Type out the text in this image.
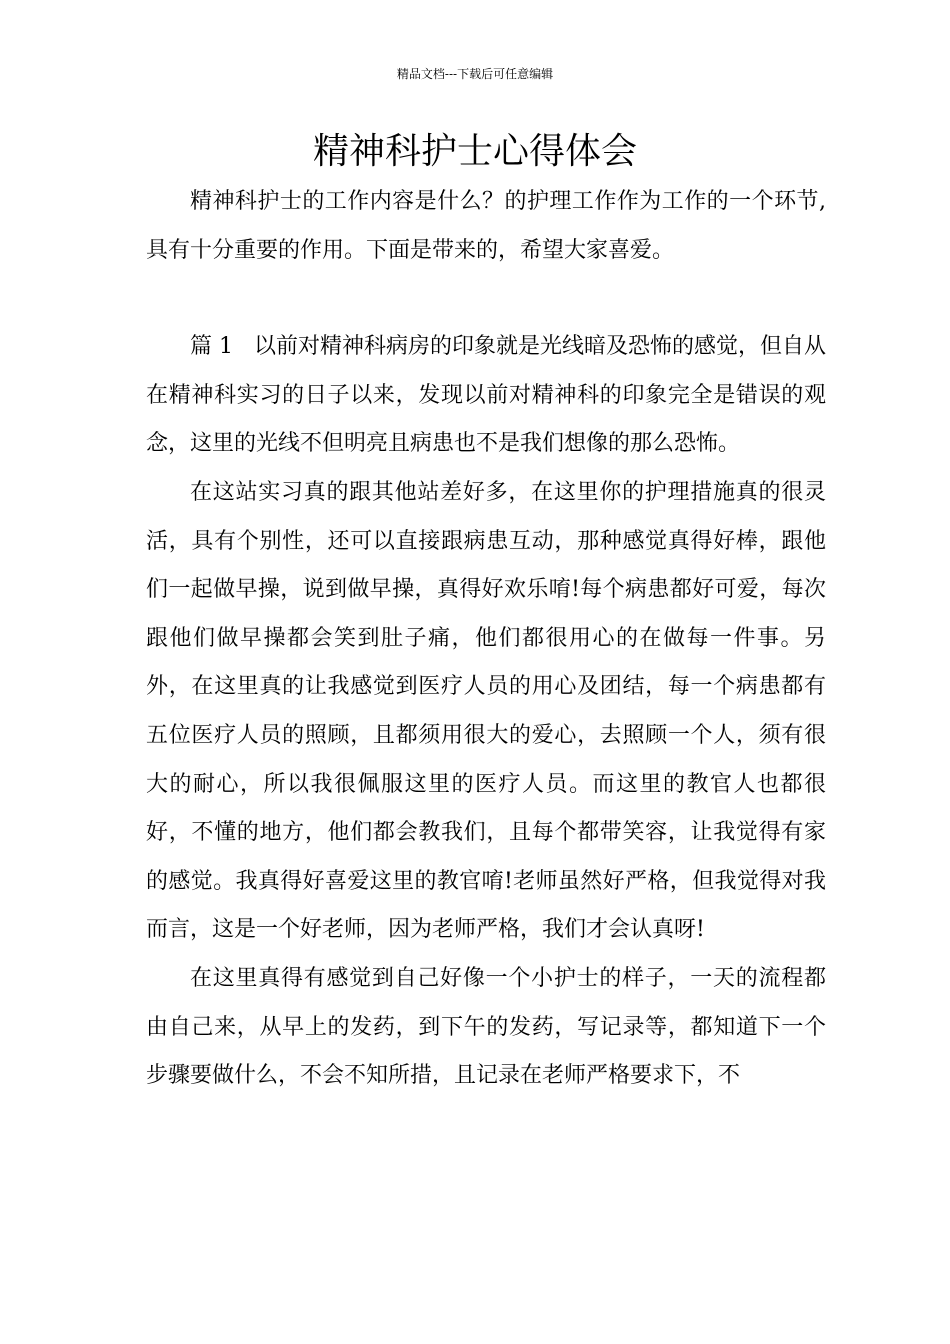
精品文档---下载后可任意编辑
精神科护士心得体会

精神科护士的工作内容是什么？的护理工作作为工作的一个环节,具有十分重要的作用。下面是带来的，希望大家喜爱。

篇 1 以前对精神科病房的印象就是光线暗及恐怖的感觉，但自从在精神科实习的日子以来，发现以前对精神科的印象完全是错误的观念，这里的光线不但明亮且病患也不是我们想像的那么恐怖。

在这站实习真的跟其他站差好多，在这里你的护理措施真的很灵活，具有个别性，还可以直接跟病患互动，那种感觉真得好棒，跟他们一起做早操，说到做早操，真得好欢乐唷!每个病患都好可爱，每次跟他们做早操都会笑到肚子痛，他们都很用心的在做每一件事。另外，在这里真的让我感觉到医疗人员的用心及团结，每一个病患都有五位医疗人员的照顾，且都须用很大的爱心，去照顾一个人，须有很大的耐心，所以我很佩服这里的医疗人员。而这里的教官人也都很好，不懂的地方，他们都会教我们，且每个都带笑容，让我觉得有家的感觉。我真得好喜爱这里的教官唷!老师虽然好严格，但我觉得对我而言，这是一个好老师，因为老师严格，我们才会认真呀!

在这里真得有感觉到自己好像一个小护士的样子，一天的流程都由自己来，从早上的发药，到下午的发药，写记录等，都知道下一个步骤要做什么，不会不知所措，且记录在老师严格要求下，不
